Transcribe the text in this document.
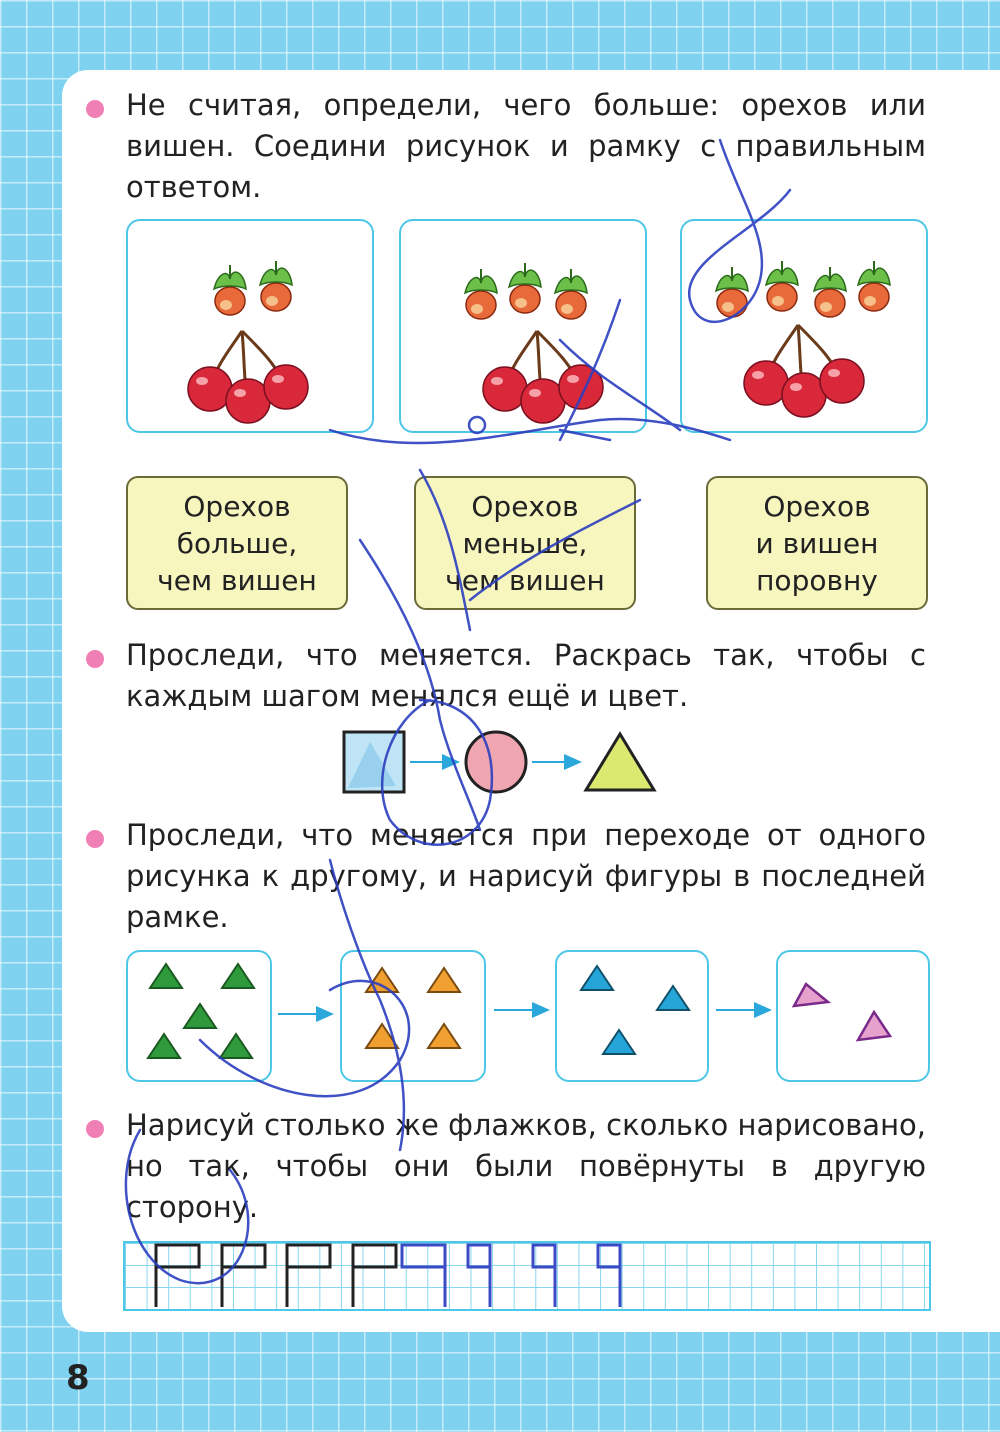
Не считая, определи, чего больше: орехов или вишен. Соедини рисунок и рамку с правильным ответом.
Орехов
больше,
чем вишен
Орехов
меньше,
чем вишен
Орехов
и вишен
поровну
Проследи, что меняется. Раскрась так, чтобы с каждым шагом менялся ещё и цвет.
Проследи, что меняется при переходе от одного рисунка к другому, и нарисуй фигуры в последней рамке.
Нарисуй столько же флажков, сколько нарисовано, но так, чтобы они были повёрнуты в другую сторону.
8
